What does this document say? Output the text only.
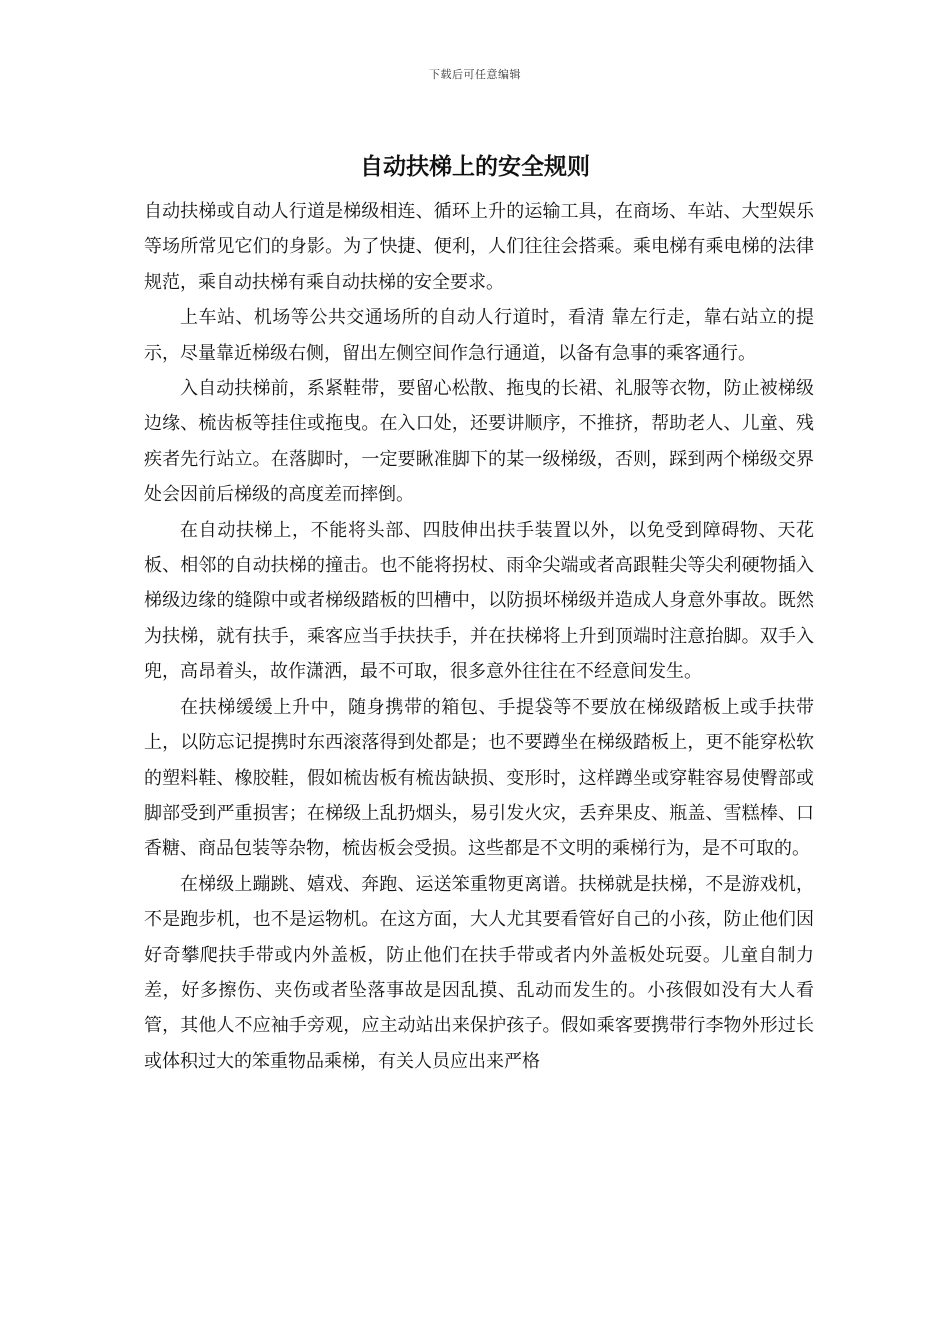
下载后可任意编辑
自动扶梯上的安全规则

自动扶梯或自动人行道是梯级相连、循环上升的运输工具，在商场、车站、大型娱乐等场所常见它们的身影。为了快捷、便利，人们往往会搭乘。乘电梯有乘电梯的法律规范，乘自动扶梯有乘自动扶梯的安全要求。

上车站、机场等公共交通场所的自动人行道时，看清 靠左行走，靠右站立的提示，尽量靠近梯级右侧，留出左侧空间作急行通道，以备有急事的乘客通行。

入自动扶梯前，系紧鞋带，要留心松散、拖曳的长裙、礼服等衣物，防止被梯级边缘、梳齿板等挂住或拖曳。在入口处，还要讲顺序，不推挤，帮助老人、儿童、残疾者先行站立。在落脚时，一定要瞅准脚下的某一级梯级，否则，踩到两个梯级交界处会因前后梯级的高度差而摔倒。

在自动扶梯上，不能将头部、四肢伸出扶手装置以外，以免受到障碍物、天花板、相邻的自动扶梯的撞击。也不能将拐杖、雨伞尖端或者高跟鞋尖等尖利硬物插入梯级边缘的缝隙中或者梯级踏板的凹槽中，以防损坏梯级并造成人身意外事故。既然为扶梯，就有扶手，乘客应当手扶扶手，并在扶梯将上升到顶端时注意抬脚。双手入兜，高昂着头，故作潇洒，最不可取，很多意外往往在不经意间发生。

在扶梯缓缓上升中，随身携带的箱包、手提袋等不要放在梯级踏板上或手扶带上，以防忘记提携时东西滚落得到处都是；也不要蹲坐在梯级踏板上，更不能穿松软的塑料鞋、橡胶鞋，假如梳齿板有梳齿缺损、变形时，这样蹲坐或穿鞋容易使臀部或脚部受到严重损害；在梯级上乱扔烟头，易引发火灾，丢弃果皮、瓶盖、雪糕棒、口香糖、商品包装等杂物，梳齿板会受损。这些都是不文明的乘梯行为，是不可取的。

在梯级上蹦跳、嬉戏、奔跑、运送笨重物更离谱。扶梯就是扶梯，不是游戏机，不是跑步机，也不是运物机。在这方面，大人尤其要看管好自己的小孩，防止他们因好奇攀爬扶手带或内外盖板，防止他们在扶手带或者内外盖板处玩耍。儿童自制力差，好多擦伤、夹伤或者坠落事故是因乱摸、乱动而发生的。小孩假如没有大人看管，其他人不应袖手旁观，应主动站出来保护孩子。假如乘客要携带行李物外形过长或体积过大的笨重物品乘梯，有关人员应出来严格
